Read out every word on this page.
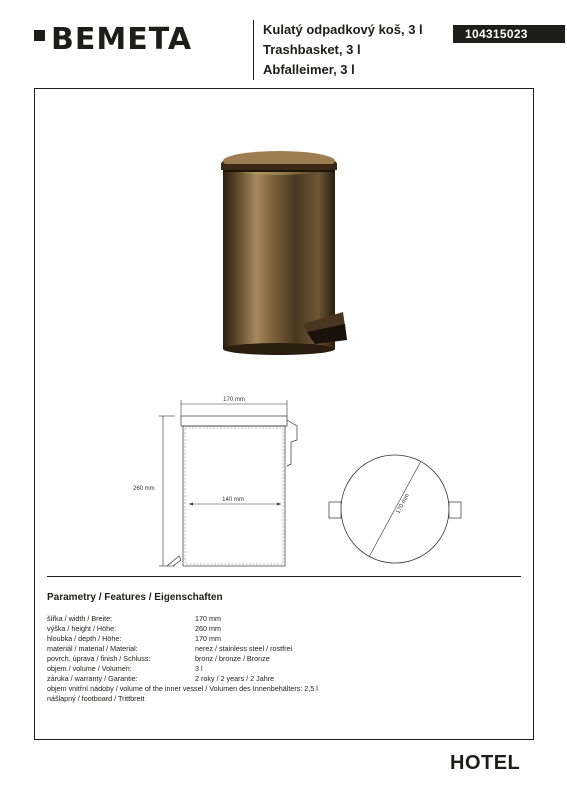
BEMETA	Kulatý odpadkový koš, 3 l
Trashbasket, 3 l
Abfalleimer, 3 l
104315023
170 mm
260 mm
140 mm	170 mm
Parametry / Features / Eigenschaften
šířka / width / Breite:	170 mm
výška / height / Höhe:	260 mm
hloubka / depth / Höhe:	170 mm
materiál / material / Material:	nerez / stainless steel / rostfrei
povrch. úprava / finish / Schluss:	bronz / bronze / Bronze
objem / volume / Volumen:	3 l
záruka / warranty / Garantie:	2 roky / 2 years / 2 Jahre
objem vnitřní nádoby / volume of the inner vessel / Volumen des Innenbehälters: 2,5 l
nášlapný / footboard / Trittbrett
HOTEL
